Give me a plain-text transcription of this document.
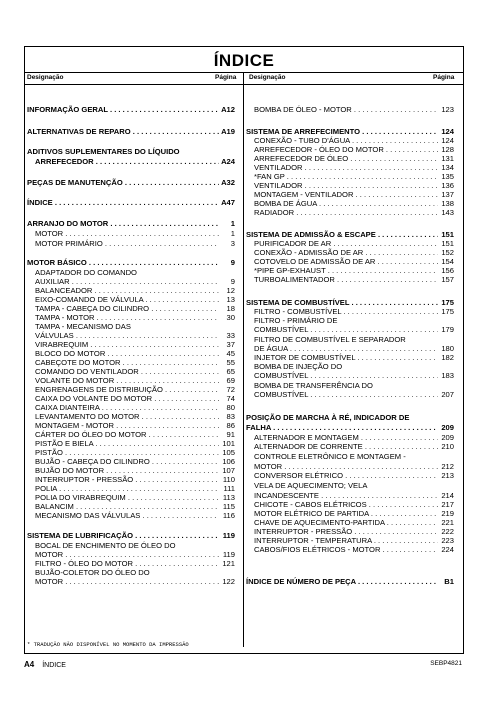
ÍNDICE
Designação	Página Designação	Página
INFORMAÇÃO GERAL . . .	A12
ALTERNATIVAS DE REPARO . . .	A19
ADITIVOS SUPLEMENTARES DO LÍQUIDO
ARREFECEDOR . . .	A24
PEÇAS DE MANUTENÇÃO . . .	A32
ÍNDICE . . .	A47
ARRANJO DO MOTOR . . .	1
MOTOR . . .	1
MOTOR PRIMÁRIO . . .	3
MOTOR BÁSICO . . .	9
ADAPTADOR DO COMANDO
AUXILIAR . . .	9
BALANCEADOR . . .	12
EIXO-COMANDO DE VÁLVULA . . .	13
TAMPA - CABEÇA DO CILINDRO . . .	18
TAMPA - MOTOR . . .	30
TAMPA - MECANISMO DAS
VÁLVULAS . . .	33
VIRABREQUIM . . .	37
BLOCO DO MOTOR . . .	45
CABEÇOTE DO MOTOR . . .	55
COMANDO DO VENTILADOR . . .	65
VOLANTE DO MOTOR . . .	69
ENGRENAGENS DE DISTRIBUIÇÃO . . .	72
CAIXA DO VOLANTE DO MOTOR . . .	74
CAIXA DIANTEIRA . . .	80
LEVANTAMENTO DO MOTOR . . .	83
MONTAGEM - MOTOR . . .	86
CÁRTER DO ÓLEO DO MOTOR . . .	91
PISTÃO E BIELA . . .	101
PISTÃO . . .	105
BUJÃO - CABEÇA DO CILINDRO . . .	106
BUJÃO DO MOTOR . . .	107
INTERRUPTOR - PRESSÃO . . .	110
POLIA . . .	111
POLIA DO VIRABREQUIM . . .	113
BALANCIM . . .	115
MECANISMO DAS VÁLVULAS . . .	116
SISTEMA DE LUBRIFICAÇÃO . . .	119
BOCAL DE ENCHIMENTO DE ÓLEO DO
MOTOR . . .	119
FILTRO - ÓLEO DO MOTOR . . .	121
BUJÃO-COLETOR DO ÓLEO DO
MOTOR . . .	122
BOMBA DE ÓLEO - MOTOR . . .	123
SISTEMA DE ARREFECIMENTO . . .	124
CONEXÃO - TUBO D'ÁGUA . . .	124
ARREFECEDOR - ÓLEO DO MOTOR . . .	128
ARREFECEDOR DE ÓLEO . . .	131
VENTILADOR . . .	134
*FAN GP . . .	135
VENTILADOR . . .	136
MONTAGEM - VENTILADOR . . .	137
BOMBA DE ÁGUA . . .	138
RADIADOR . . .	143
SISTEMA DE ADMISSÃO & ESCAPE . . .	151
PURIFICADOR DE AR . . .	151
CONEXÃO - ADMISSÃO DE AR . . .	152
COTOVELO DE ADMISSÃO DE AR . . .	154
*PIPE GP-EXHAUST . . .	156
TURBOALIMENTADOR . . .	157
SISTEMA DE COMBUSTÍVEL . . .	175
FILTRO - COMBUSTÍVEL . . .	175
FILTRO - PRIMÁRIO DE
COMBUSTÍVEL . . .	179
FILTRO DE COMBUSTÍVEL E SEPARADOR
DE ÁGUA . . .	180
INJETOR DE COMBUSTÍVEL . . .	182
BOMBA DE INJEÇÃO DO
COMBUSTÍVEL . . .	183
BOMBA DE TRANSFERÊNCIA DO
COMBUSTÍVEL . . .	207
POSIÇÃO DE MARCHA À RÉ, INDICADOR DE
FALHA . . .	209
ALTERNADOR E MONTAGEM . . .	209
ALTERNADOR DE CORRENTE . . .	210
CONTROLE ELETRÔNICO E MONTAGEM -
MOTOR . . .	212
CONVERSOR ELÉTRICO . . .	213
VELA DE AQUECIMENTO; VELA
INCANDESCENTE . . .	214
CHICOTE - CABOS ELÉTRICOS . . .	217
MOTOR ELÉTRICO DE PARTIDA . . .	219
CHAVE DE AQUECIMENTO-PARTIDA . . .	221
INTERRUPTOR - PRESSÃO . . .	222
INTERRUPTOR - TEMPERATURA . . .	223
CABOS/FIOS ELÉTRICOS - MOTOR . . .	224
ÍNDICE DE NÚMERO DE PEÇA . . .	B1
* TRADUÇÃO NÃO DISPONÍVEL NO MOMENTO DA IMPRESSÃO
A4 ÍNDICE	SEBP4821
